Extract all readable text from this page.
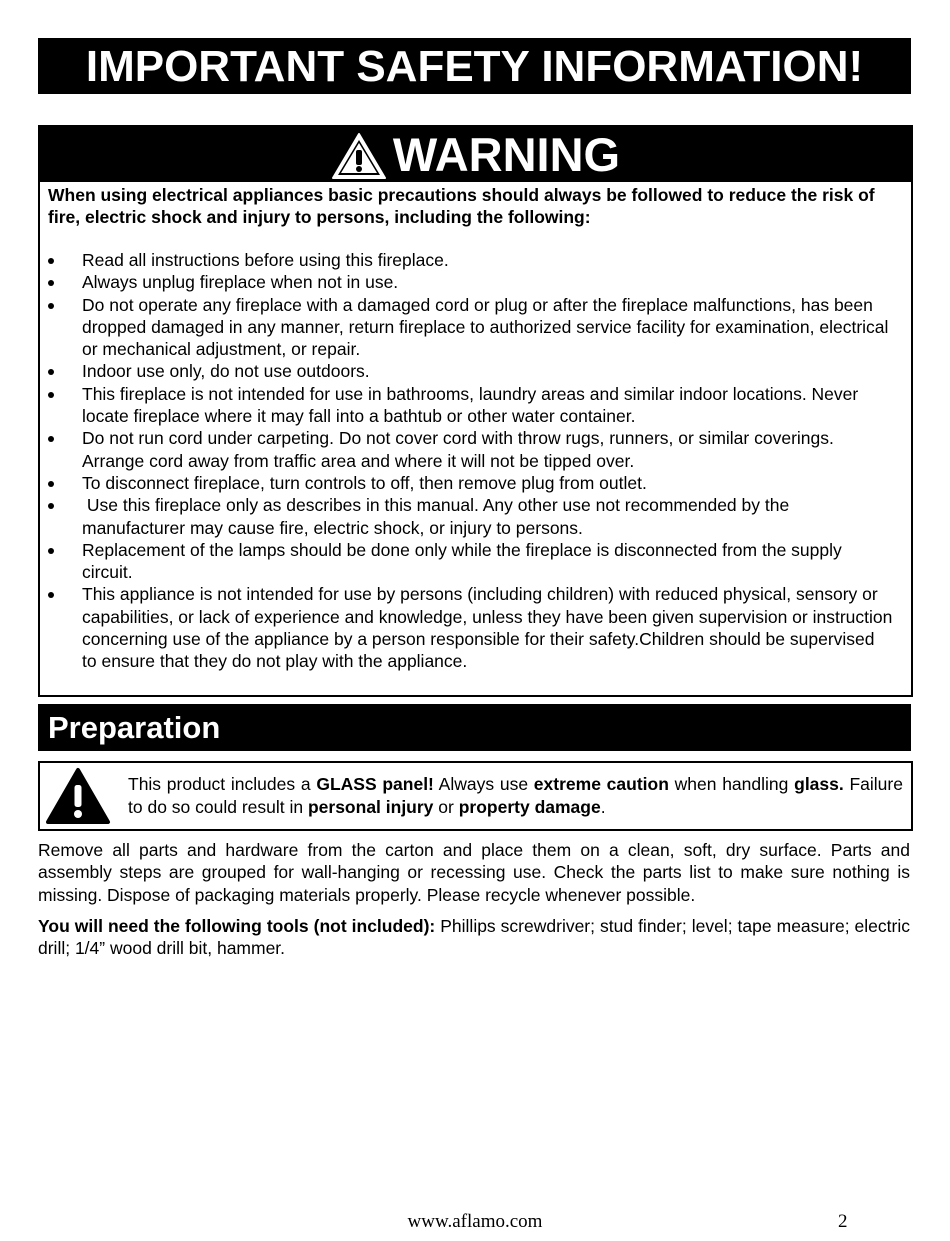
IMPORTANT SAFETY INFORMATION!
WARNING
When using electrical appliances basic precautions should always be followed to reduce the risk of fire, electric shock and injury to persons, including the following:
Read all instructions before using this fireplace.
Always unplug fireplace when not in use.
Do not operate any fireplace with a damaged cord or plug or after the fireplace malfunctions, has been dropped damaged in any manner, return fireplace to authorized service facility for examination, electrical or mechanical adjustment, or repair.
Indoor use only, do not use outdoors.
This fireplace is not intended for use in bathrooms, laundry areas and similar indoor locations. Never locate fireplace where it may fall into a bathtub or other water container.
Do not run cord under carpeting. Do not cover cord with throw rugs, runners, or similar coverings. Arrange cord away from traffic area and where it will not be tipped over.
To disconnect fireplace, turn controls to off, then remove plug from outlet.
Use this fireplace only as describes in this manual. Any other use not recommended by the manufacturer may cause fire, electric shock, or injury to persons.
Replacement of the lamps should be done only while the fireplace is disconnected from the supply circuit.
This appliance is not intended for use by persons (including children) with reduced physical, sensory or capabilities, or lack of experience and knowledge, unless they have been given supervision or instruction concerning use of the appliance by a person responsible for their safety.Children should be supervised to ensure that they do not play with the appliance.
Preparation
This product includes a GLASS panel! Always use extreme caution when handling glass. Failure to do so could result in personal injury or property damage.
Remove all parts and hardware from the carton and place them on a clean, soft, dry surface. Parts and assembly steps are grouped for wall-hanging or recessing use. Check the parts list to make sure nothing is missing. Dispose of packaging materials properly. Please recycle whenever possible.
You will need the following tools (not included): Phillips screwdriver; stud finder; level; tape measure; electric drill; 1/4” wood drill bit, hammer.
www.aflamo.com	2
